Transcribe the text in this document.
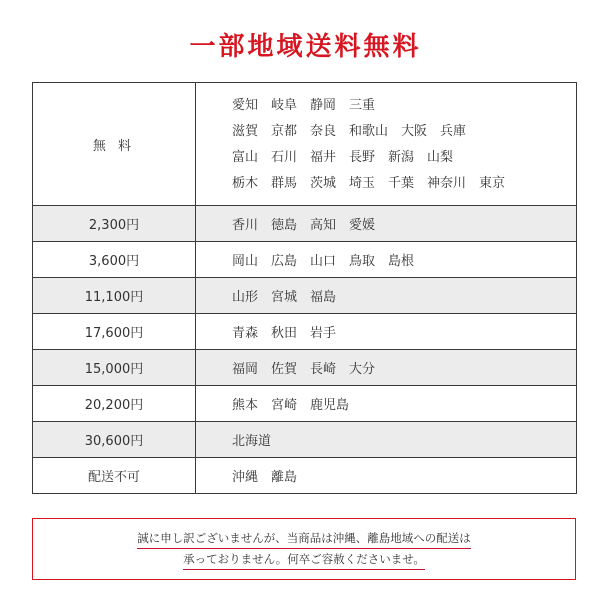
一部地域送料無料
無 料	愛知　岐阜　静岡　三重
滋賀　京都　奈良　和歌山　大阪　兵庫
富山　石川　福井　長野　新潟　山梨
栃木　群馬　茨城　埼玉　千葉　神奈川　東京

2,300円	香川　徳島　高知　愛媛
3,600円	岡山　広島　山口　鳥取　島根
11,100円	山形　宮城　福島
17,600円	青森　秋田　岩手
15,000円	福岡　佐賀　長崎　大分
20,200円	熊本　宮崎　鹿児島
30,600円	北海道
配送不可	沖縄　離島
誠に申し訳ございませんが、当商品は沖縄、離島地域への配送は
承っておりません。何卒ご容赦くださいませ。
